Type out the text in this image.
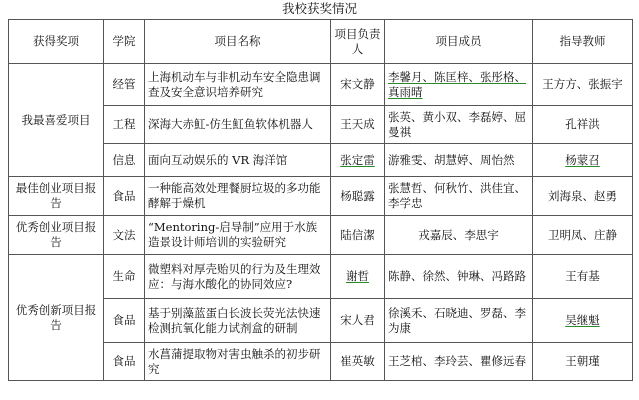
我校获奖情况
获得奖项	学院	项目名称	项目负责人	项目成员	指导教师
我最喜爱项目	经管	上海机动车与非机动车安全隐患调查及安全意识培养研究	宋文静	李馨月、陈匡梓、张彤格、 真雨晴	王方方、张振宇
	工程	深海大赤魟-仿生魟鱼软体机器人	王天成	张英、黄小双、李磊婷、屈曼祺	孔祥洪
	信息	面向互动娱乐的 VR 海洋馆	张定雷	游雅雯、胡慧婷、周怡然	杨蒙召
最佳创业项目报告	食品	一种能高效处理餐厨垃圾的多功能酵解于燥机	杨聪露	张慧哲、何秋竹、洪佳宜、 李学忠	刘海泉、赵勇
优秀创业项目报告	文法	“Mentoring-启导制”应用于水族造景设计师培训的实验研究	陆信潔	戎嘉辰、李思宇	卫明凤、庄静
优秀创新项目报告	生命	微塑料对厚壳贻贝的行为及生理效应：与海水酸化的协同效应?	谢哲	陈静、徐然、钟琳、冯路路	王有基
	食品	基于别藻蓝蛋白长波长荧光法快速检测抗氧化能力试剂盒的研制	宋人君	徐溪禾、石晓迪、罗磊、李为康	吴继魁
	食品	水菖蒲提取物对害虫触杀的初步研究	崔英敏	王芝棺、李玲芸、瞿修远春	王朝瑾
